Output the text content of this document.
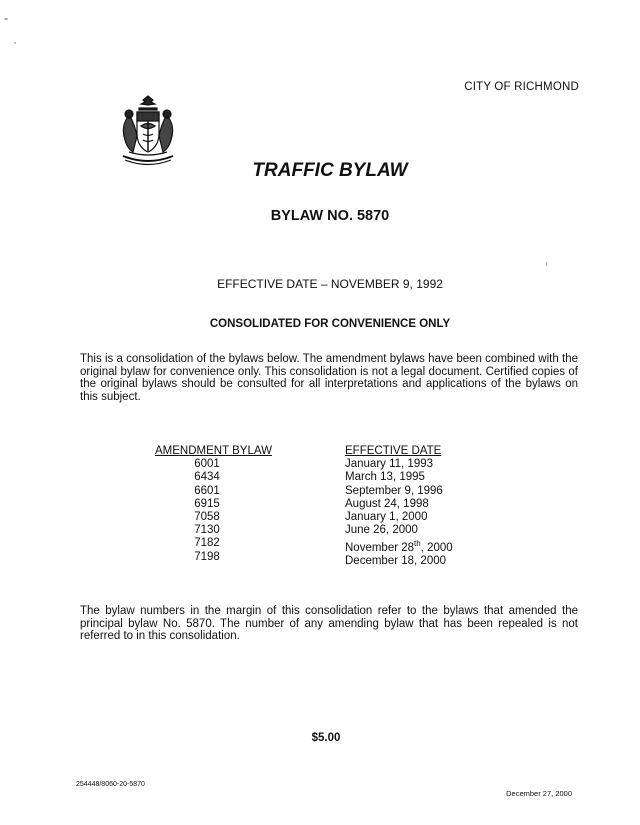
CITY OF RICHMOND
TRAFFIC BYLAW
BYLAW NO. 5870
EFFECTIVE DATE – NOVEMBER 9, 1992
CONSOLIDATED FOR CONVENIENCE ONLY
This is a consolidation of the bylaws below. The amendment bylaws have been combined with the original bylaw for convenience only. This consolidation is not a legal document. Certified copies of the original bylaws should be consulted for all interpretations and applications of the bylaws on this subject.
AMENDMENT BYLAW
6001
6434
6601
6915
7058
7130
7182
7198
EFFECTIVE DATE
January 11, 1993
March 13, 1995
September 9, 1996
August 24, 1998
January 1, 2000
June 26, 2000
November 28th, 2000
December 18, 2000
The bylaw numbers in the margin of this consolidation refer to the bylaws that amended the principal bylaw No. 5870. The number of any amending bylaw that has been repealed is not referred to in this consolidation.
$5.00
254448/8060-20-5870
December 27, 2000
